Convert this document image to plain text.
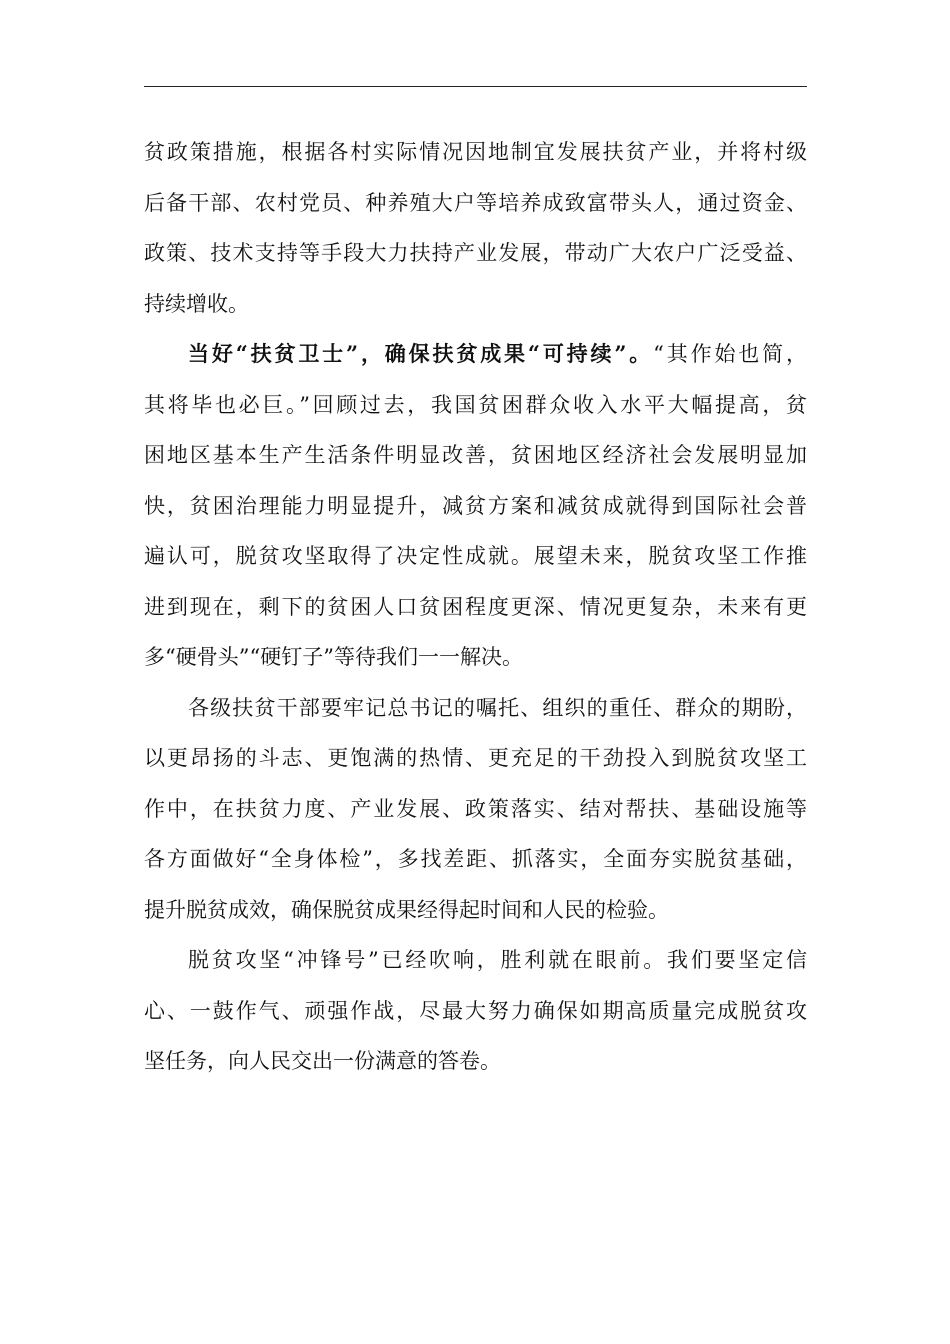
贫政策措施，根据各村实际情况因地制宜发展扶贫产业，并将村级
后备干部、农村党员、种养殖大户等培养成致富带头人，通过资金、
政策、技术支持等手段大力扶持产业发展，带动广大农户广泛受益、
持续增收。
当好“扶贫卫士”，确保扶贫成果“可持续”。“其作始也简，
其将毕也必巨。”回顾过去，我国贫困群众收入水平大幅提高，贫
困地区基本生产生活条件明显改善，贫困地区经济社会发展明显加
快，贫困治理能力明显提升，减贫方案和减贫成就得到国际社会普
遍认可，脱贫攻坚取得了决定性成就。展望未来，脱贫攻坚工作推
进到现在，剩下的贫困人口贫困程度更深、情况更复杂，未来有更
多“硬骨头”“硬钉子”等待我们一一解决。
各级扶贫干部要牢记总书记的嘱托、组织的重任、群众的期盼，
以更昂扬的斗志、更饱满的热情、更充足的干劲投入到脱贫攻坚工
作中，在扶贫力度、产业发展、政策落实、结对帮扶、基础设施等
各方面做好“全身体检”，多找差距、抓落实，全面夯实脱贫基础，
提升脱贫成效，确保脱贫成果经得起时间和人民的检验。
脱贫攻坚“冲锋号”已经吹响，胜利就在眼前。我们要坚定信
心、一鼓作气、顽强作战，尽最大努力确保如期高质量完成脱贫攻
坚任务，向人民交出一份满意的答卷。
